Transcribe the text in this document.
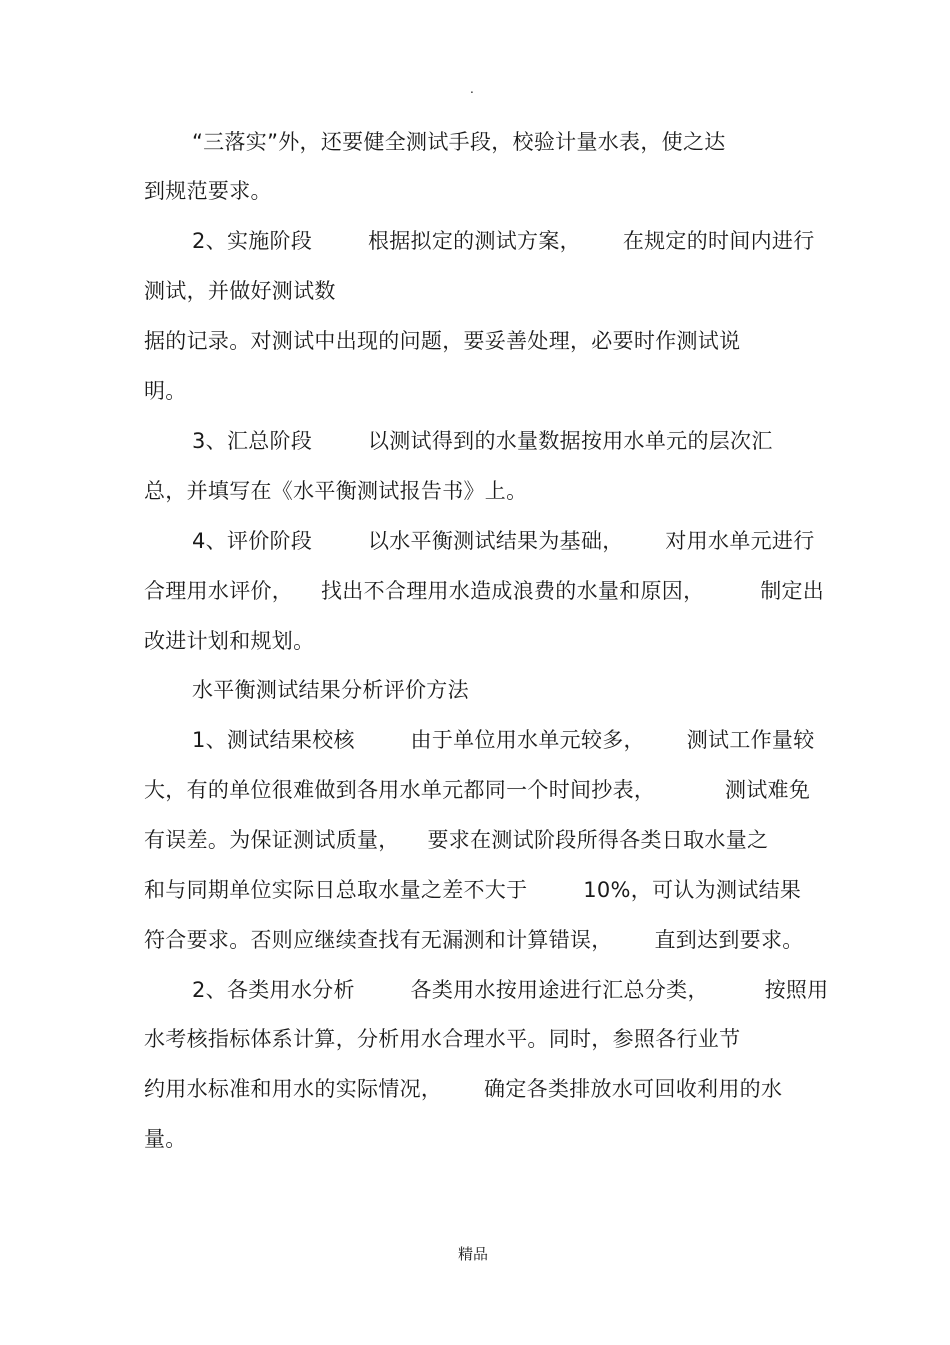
.
“三落实”外，还要健全测试手段，校验计量水表，使之达
到规范要求。
2、实施阶段        根据拟定的测试方案，      在规定的时间内进行
测试，并做好测试数
据的记录。对测试中出现的问题，要妥善处理，必要时作测试说
明。
3、汇总阶段        以测试得到的水量数据按用水单元的层次汇
总，并填写在《水平衡测试报告书》上。
4、评价阶段        以水平衡测试结果为基础，      对用水单元进行
合理用水评价，    找出不合理用水造成浪费的水量和原因，        制定出
改进计划和规划。
水平衡测试结果分析评价方法
1、测试结果校核        由于单位用水单元较多，      测试工作量较
大，有的单位很难做到各用水单元都同一个时间抄表，          测试难免
有误差。为保证测试质量，    要求在测试阶段所得各类日取水量之
和与同期单位实际日总取水量之差不大于        10%，可认为测试结果
符合要求。否则应继续查找有无漏测和计算错误，      直到达到要求。
2、各类用水分析        各类用水按用途进行汇总分类，        按照用
水考核指标体系计算，分析用水合理水平。同时，参照各行业节
约用水标准和用水的实际情况，      确定各类排放水可回收利用的水
量。
精品
